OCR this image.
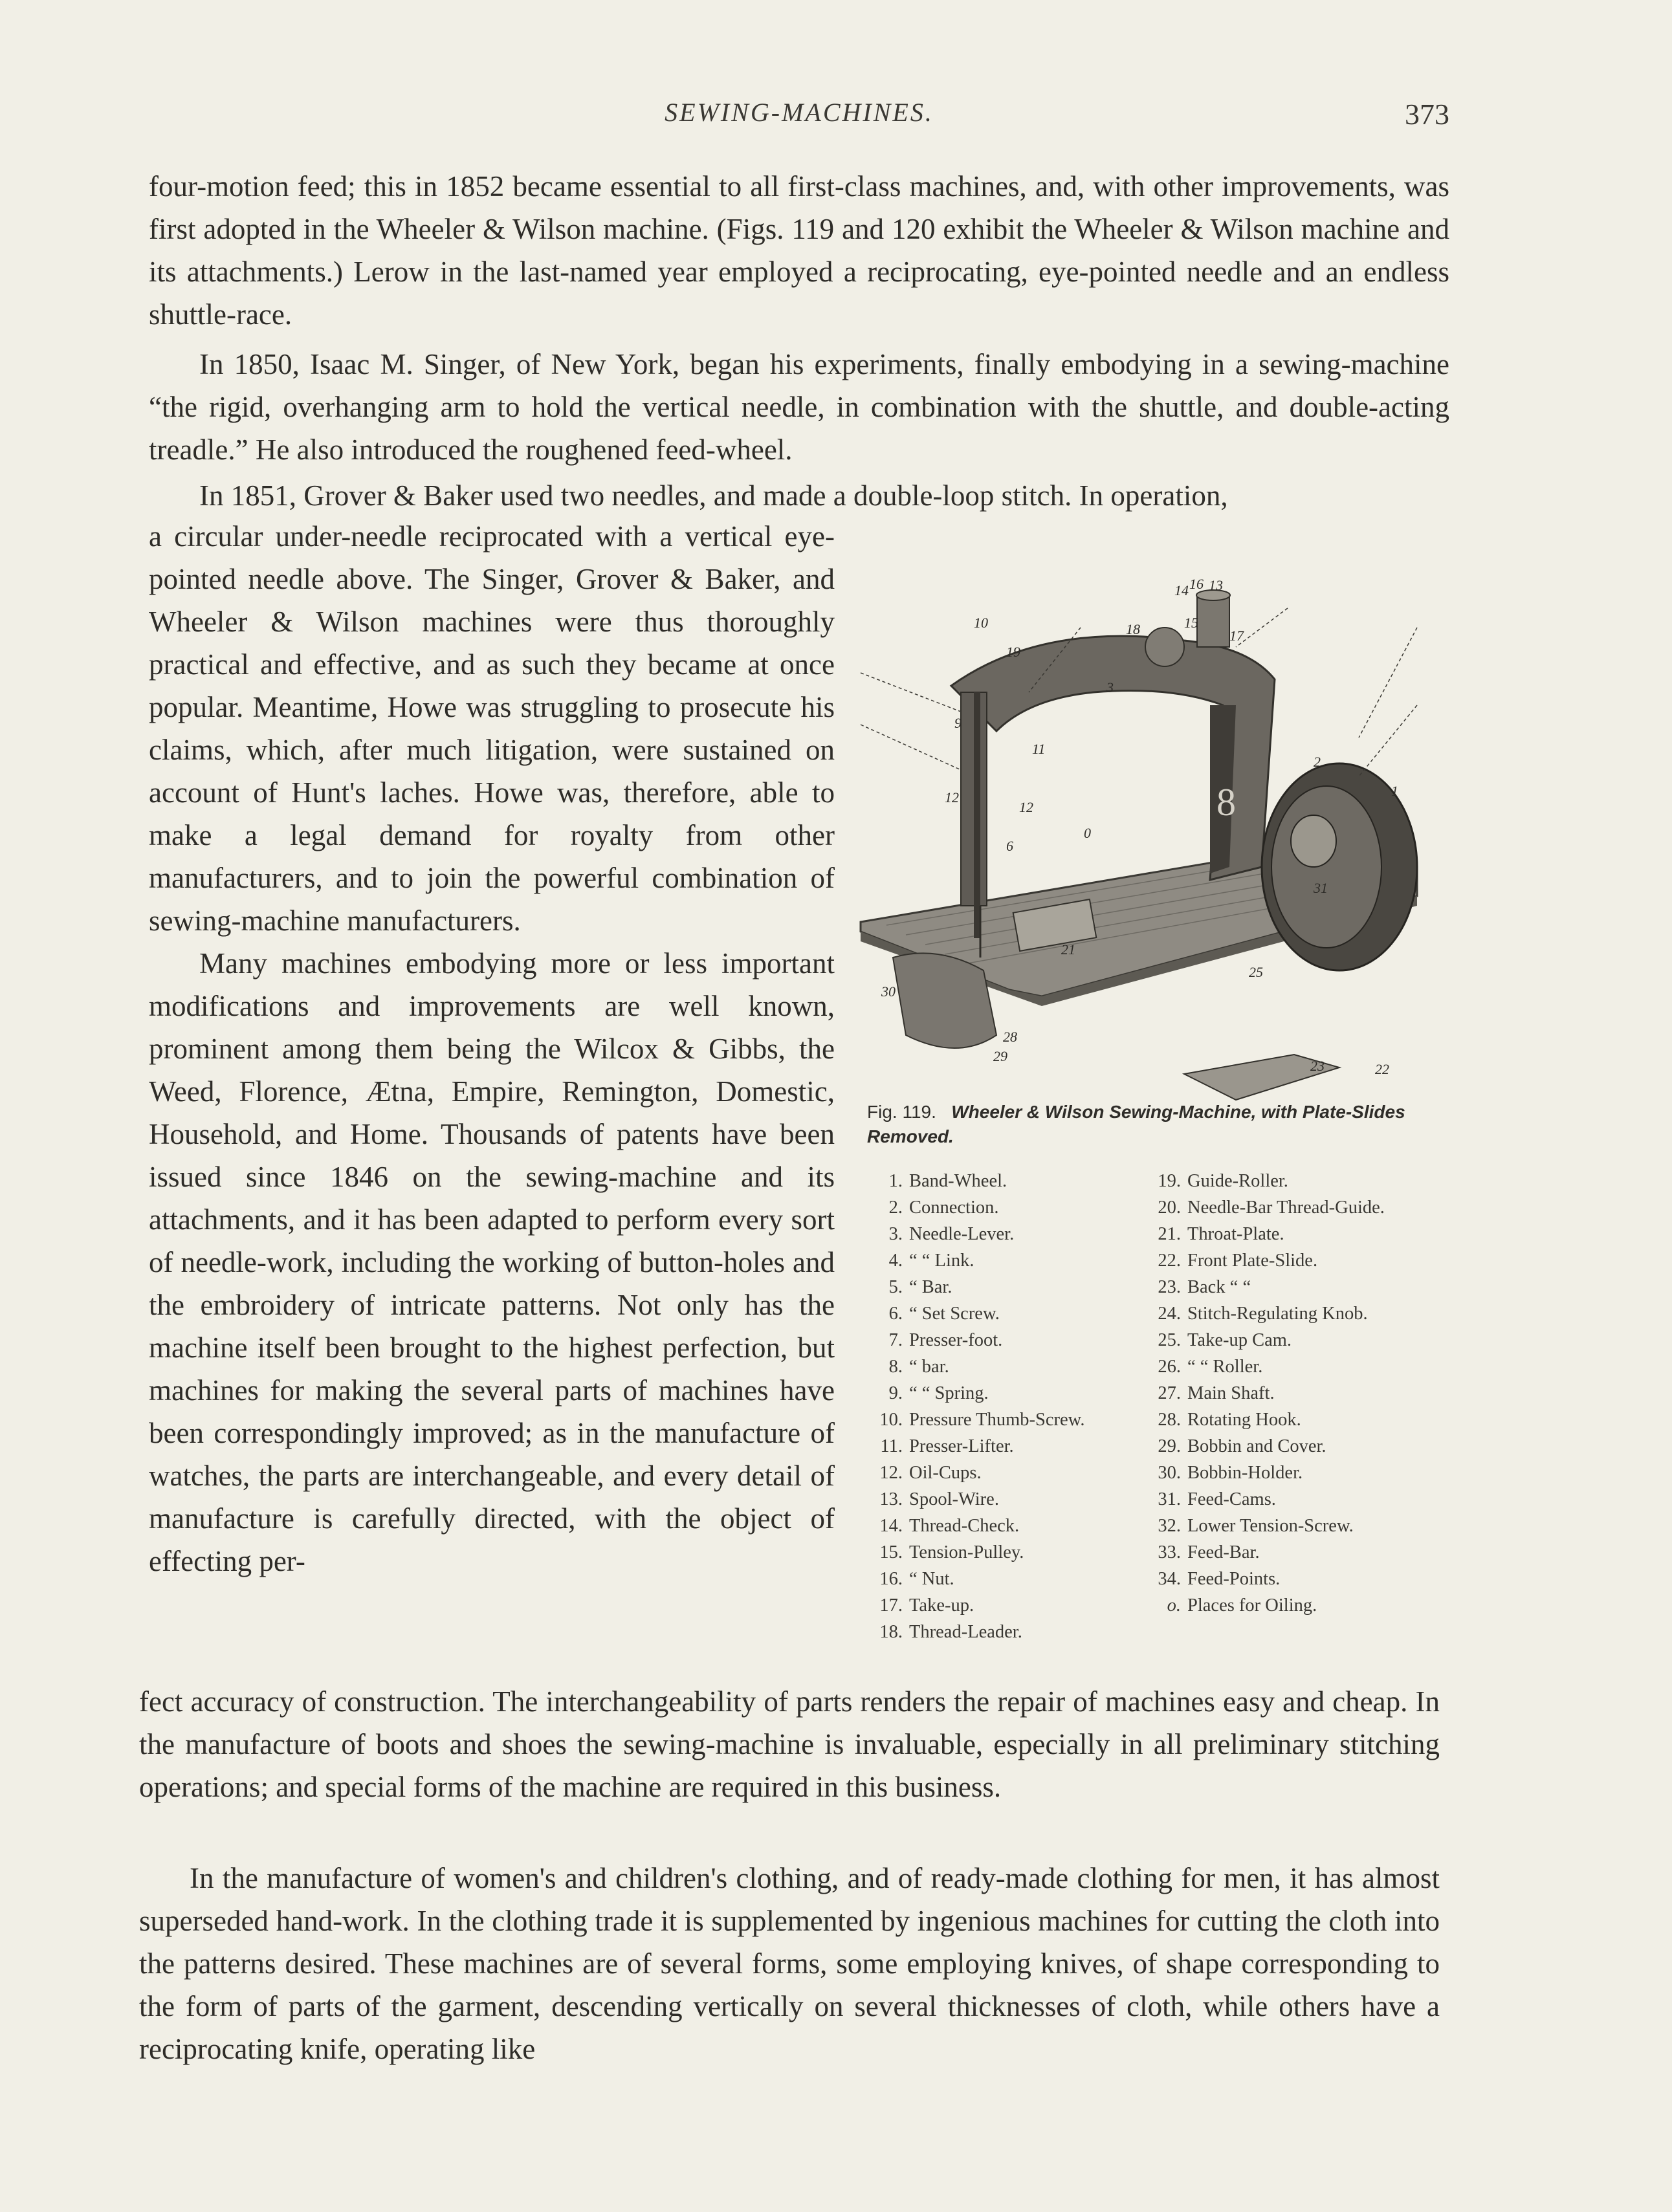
SEWING-MACHINES.	373

four-motion feed; this in 1852 became essential to all first-class machines, and, with other improvements, was first adopted in the Wheeler & Wilson machine. (Figs. 119 and 120 exhibit the Wheeler & Wilson machine and its attachments.) Lerow in the last-named year employed a reciprocating, eye-pointed needle and an endless shuttle-race.

In 1850, Isaac M. Singer, of New York, began his experiments, finally embodying in a sewing-machine “the rigid, overhanging arm to hold the vertical needle, in combination with the shuttle, and double-acting treadle.” He also introduced the roughened feed-wheel.

In 1851, Grover & Baker used two needles, and made a double-loop stitch. In operation,

a circular under-needle reciprocated with a vertical eye-pointed needle above. The Singer, Grover & Baker, and Wheeler & Wilson machines were thus thoroughly practical and effective, and as such they became at once popular. Meantime, Howe was struggling to prosecute his claims, which, after much litigation, were sustained on account of Hunt's laches. Howe was, therefore, able to make a legal demand for royalty from other manufacturers, and to join the powerful combination of sewing-machine manufacturers.

Many machines embodying more or less important modifications and improvements are well known, prominent among them being the Wilcox & Gibbs, the Weed, Florence, Ætna, Empire, Remington, Domestic, Household, and Home. Thousands of patents have been issued since 1846 on the sewing-machine and its attachments, and it has been adapted to perform every sort of needle-work, including the working of button-holes and the embroidery of intricate patterns. Not only has the machine itself been brought to the highest perfection, but machines for making the several parts of machines have been correspondingly improved; as in the manufacture of watches, the parts are interchangeable, and every detail of manufacture is carefully directed, with the object of effecting per-

fect accuracy of construction. The interchangeability of parts renders the repair of machines easy and cheap. In the manufacture of boots and shoes the sewing-machine is invaluable, especially in all preliminary stitching operations; and special forms of the machine are required in this business.

In the manufacture of women's and children's clothing, and of ready-made clothing for men, it has almost superseded hand-work. In the clothing trade it is supplemented by ingenious machines for cutting the cloth into the patterns desired. These machines are of several forms, some employing knives, of shape corresponding to the form of parts of the garment, descending vertically on several thicknesses of cloth, while others have a reciprocating knife, operating like

8
16 13
14
15
17
18
19
10
9
3
11
12
12
6
2
1
31
21
25
30
28
29
23	22
0
Fig. 119. Wheeler & Wilson Sewing-Machine, with Plate-Slides Removed.
1. Band-Wheel.
2. Connection.
3. Needle-Lever.
4. “ “ Link.
5. “ Bar.
6. “ Set Screw.
7. Presser-foot.
8. “ bar.
9. “ “ Spring.
10. Pressure Thumb-Screw.
11. Presser-Lifter.
12. Oil-Cups.
13. Spool-Wire.
14. Thread-Check.
15. Tension-Pulley.
16. “ Nut.
17. Take-up.
18. Thread-Leader.
19. Guide-Roller.
20. Needle-Bar Thread-Guide.
21. Throat-Plate.
22. Front Plate-Slide.
23. Back “ “
24. Stitch-Regulating Knob.
25. Take-up Cam.
26. “ “ Roller.
27. Main Shaft.
28. Rotating Hook.
29. Bobbin and Cover.
30. Bobbin-Holder.
31. Feed-Cams.
32. Lower Tension-Screw.
33. Feed-Bar.
34. Feed-Points.
o. Places for Oiling.
